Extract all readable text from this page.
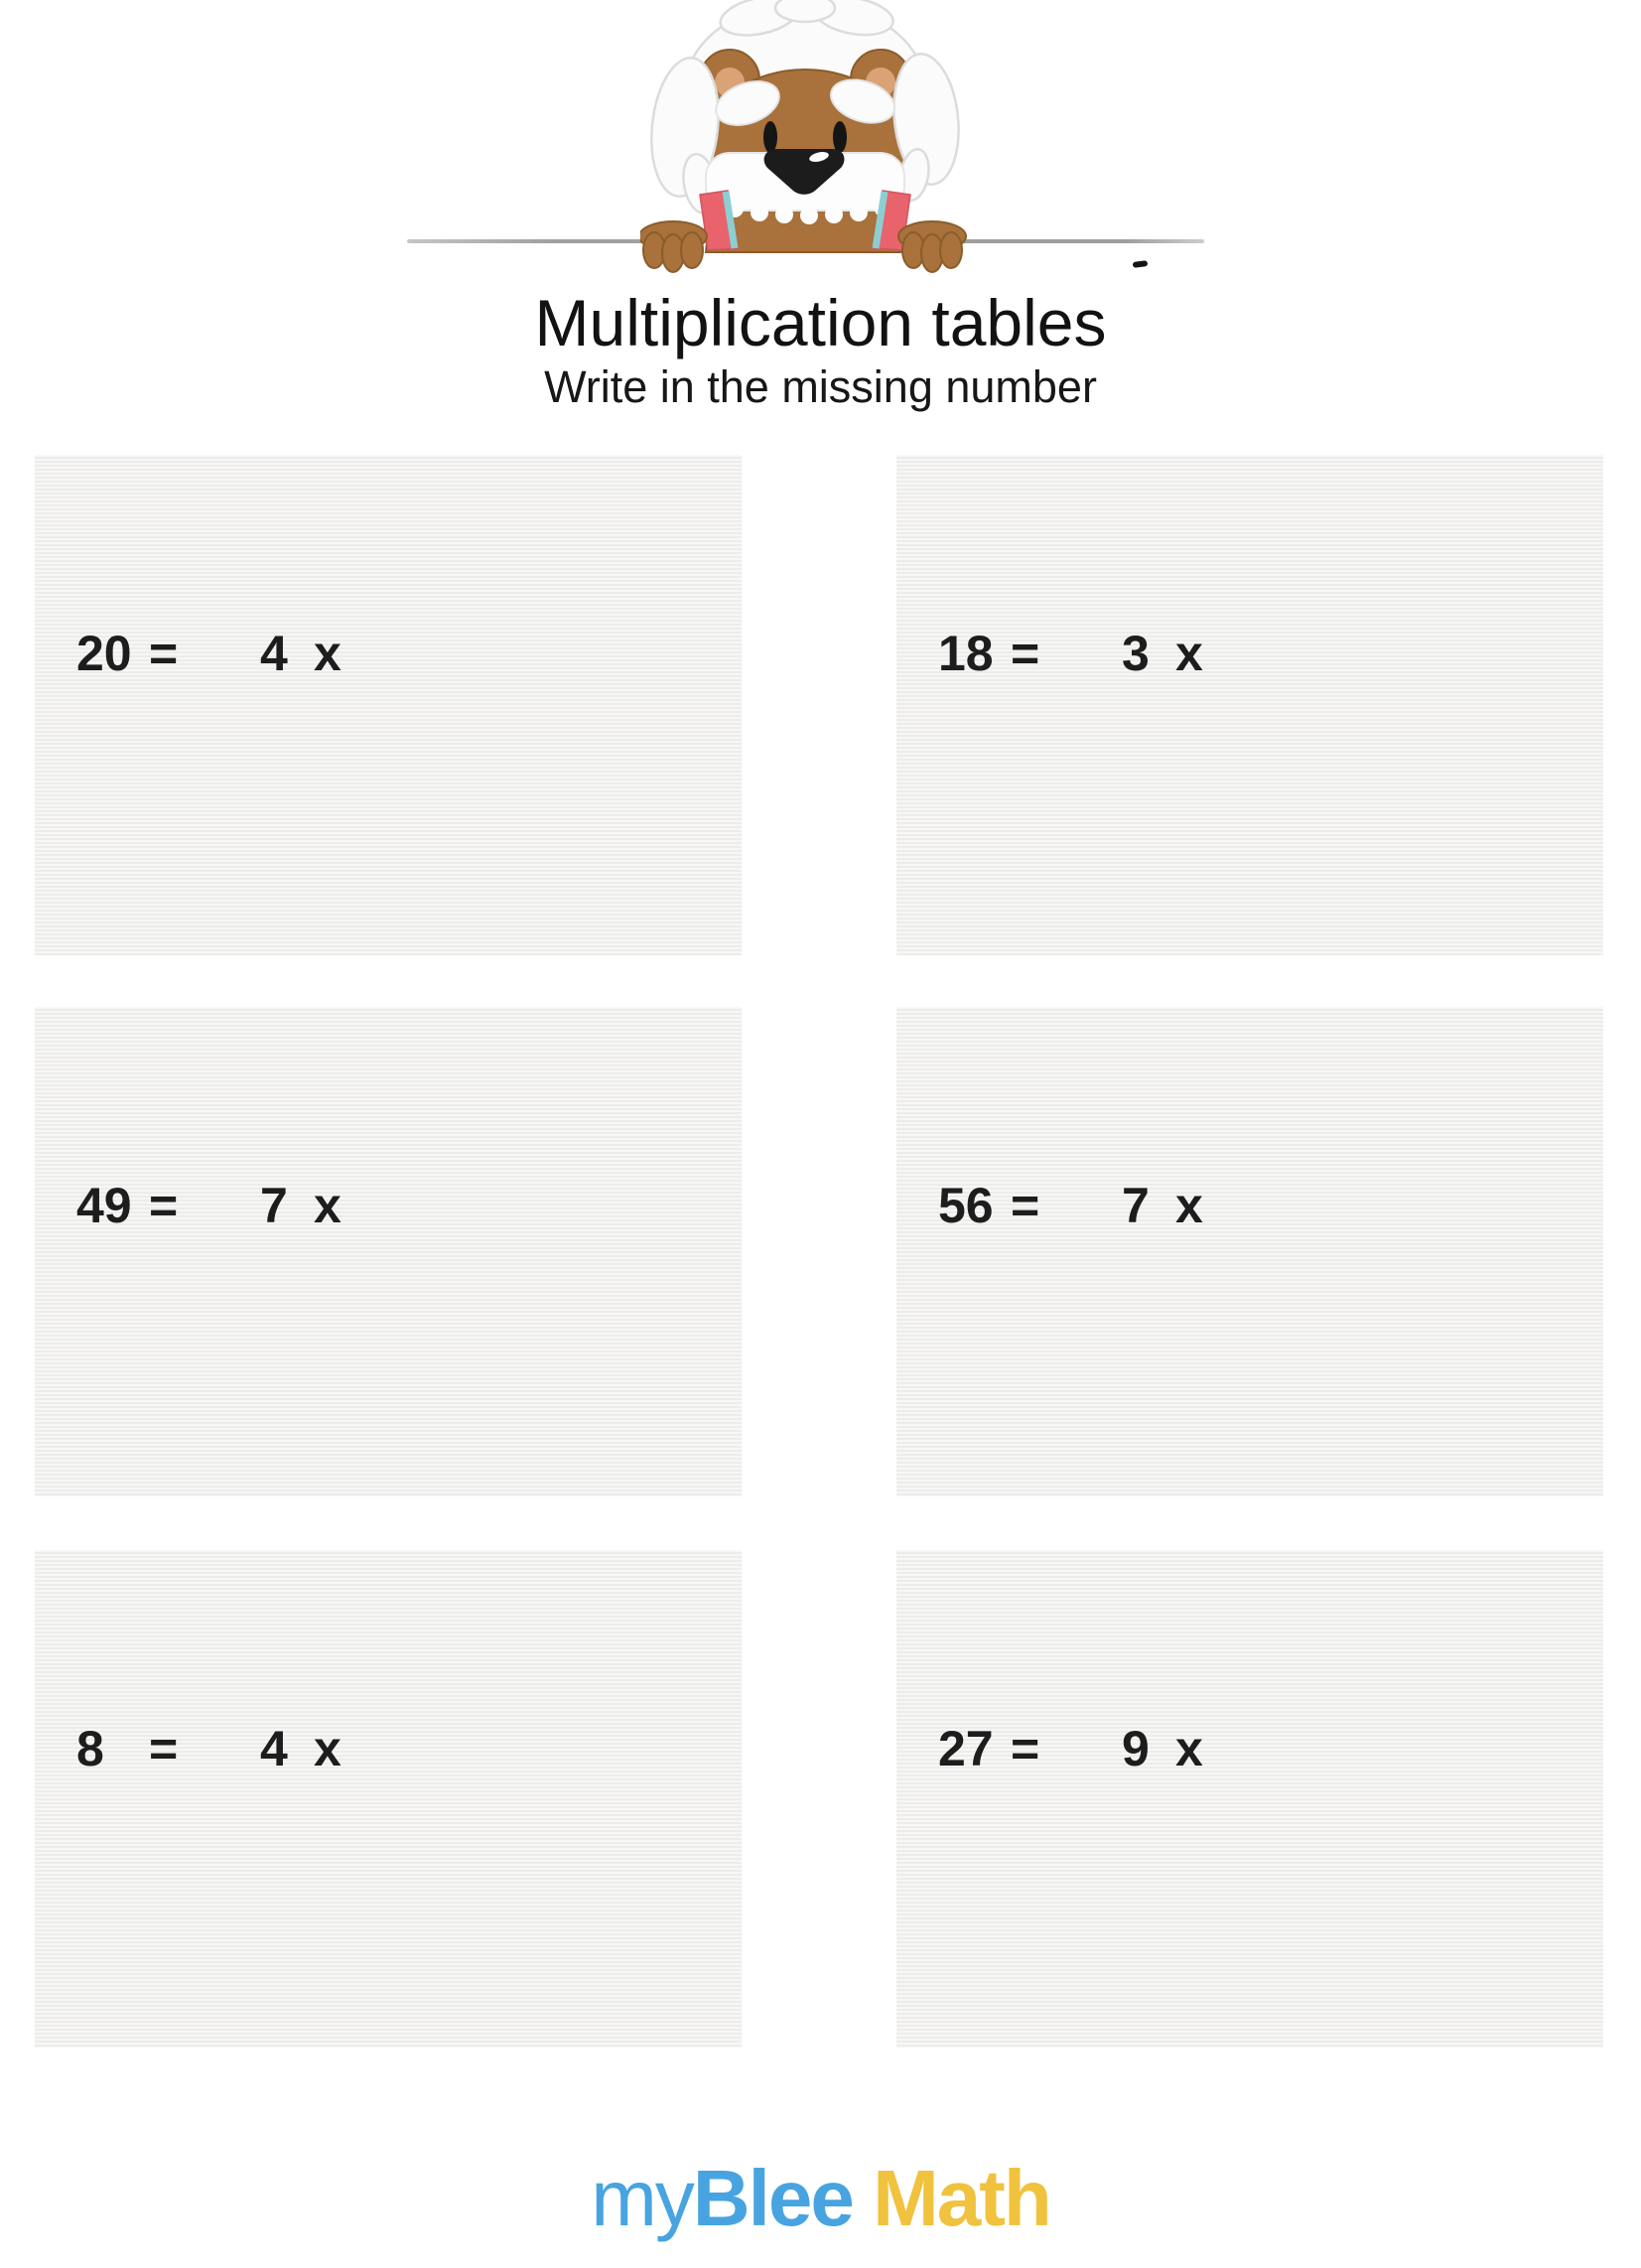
Multiplication tables
Write in the missing number
20 = 4 x	18 = 3 x
49 = 7 x	56 = 7 x
8 = 4 x	27 = 9 x
myBlee Math
